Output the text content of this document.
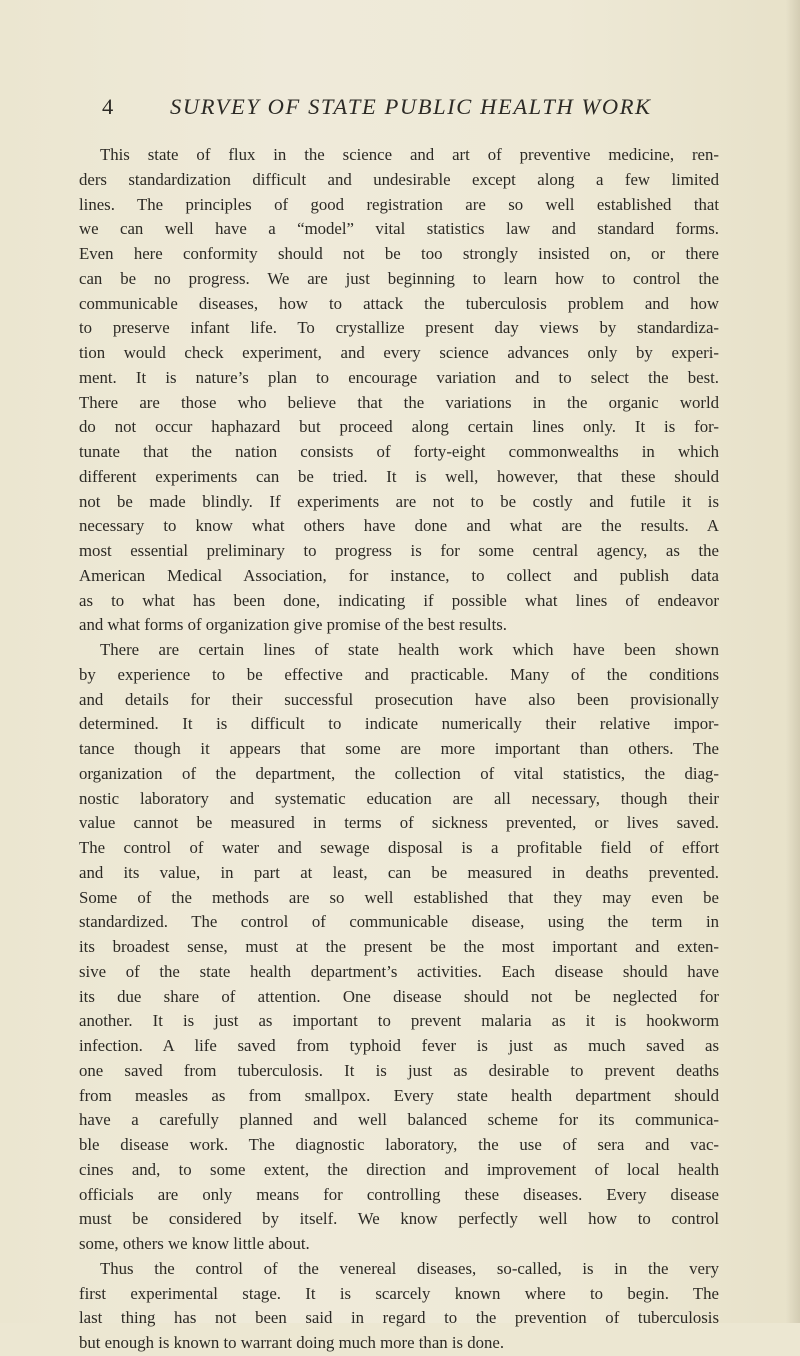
4 SURVEY OF STATE PUBLIC HEALTH WORK
This state of flux in the science and art of preventive medicine, ren-
ders standardization difficult and undesirable except along a few limited
lines. The principles of good registration are so well established that
we can well have a “model” vital statistics law and standard forms.
Even here conformity should not be too strongly insisted on, or there
can be no progress. We are just beginning to learn how to control the
communicable diseases, how to attack the tuberculosis problem and how
to preserve infant life. To crystallize present day views by standardiza-
tion would check experiment, and every science advances only by experi-
ment. It is nature’s plan to encourage variation and to select the best.
There are those who believe that the variations in the organic world
do not occur haphazard but proceed along certain lines only. It is for-
tunate that the nation consists of forty-eight commonwealths in which
different experiments can be tried. It is well, however, that these should
not be made blindly. If experiments are not to be costly and futile it is
necessary to know what others have done and what are the results. A
most essential preliminary to progress is for some central agency, as the
American Medical Association, for instance, to collect and publish data
as to what has been done, indicating if possible what lines of endeavor
and what forms of organization give promise of the best results.
There are certain lines of state health work which have been shown
by experience to be effective and practicable. Many of the conditions
and details for their successful prosecution have also been provisionally
determined. It is difficult to indicate numerically their relative impor-
tance though it appears that some are more important than others. The
organization of the department, the collection of vital statistics, the diag-
nostic laboratory and systematic education are all necessary, though their
value cannot be measured in terms of sickness prevented, or lives saved.
The control of water and sewage disposal is a profitable field of effort
and its value, in part at least, can be measured in deaths prevented.
Some of the methods are so well established that they may even be
standardized. The control of communicable disease, using the term in
its broadest sense, must at the present be the most important and exten-
sive of the state health department’s activities. Each disease should have
its due share of attention. One disease should not be neglected for
another. It is just as important to prevent malaria as it is hookworm
infection. A life saved from typhoid fever is just as much saved as
one saved from tuberculosis. It is just as desirable to prevent deaths
from measles as from smallpox. Every state health department should
have a carefully planned and well balanced scheme for its communica-
ble disease work. The diagnostic laboratory, the use of sera and vac-
cines and, to some extent, the direction and improvement of local health
officials are only means for controlling these diseases. Every disease
must be considered by itself. We know perfectly well how to control
some, others we know little about.
Thus the control of the venereal diseases, so-called, is in the very
first experimental stage. It is scarcely known where to begin. The
last thing has not been said in regard to the prevention of tuberculosis
but enough is known to warrant doing much more than is done.
